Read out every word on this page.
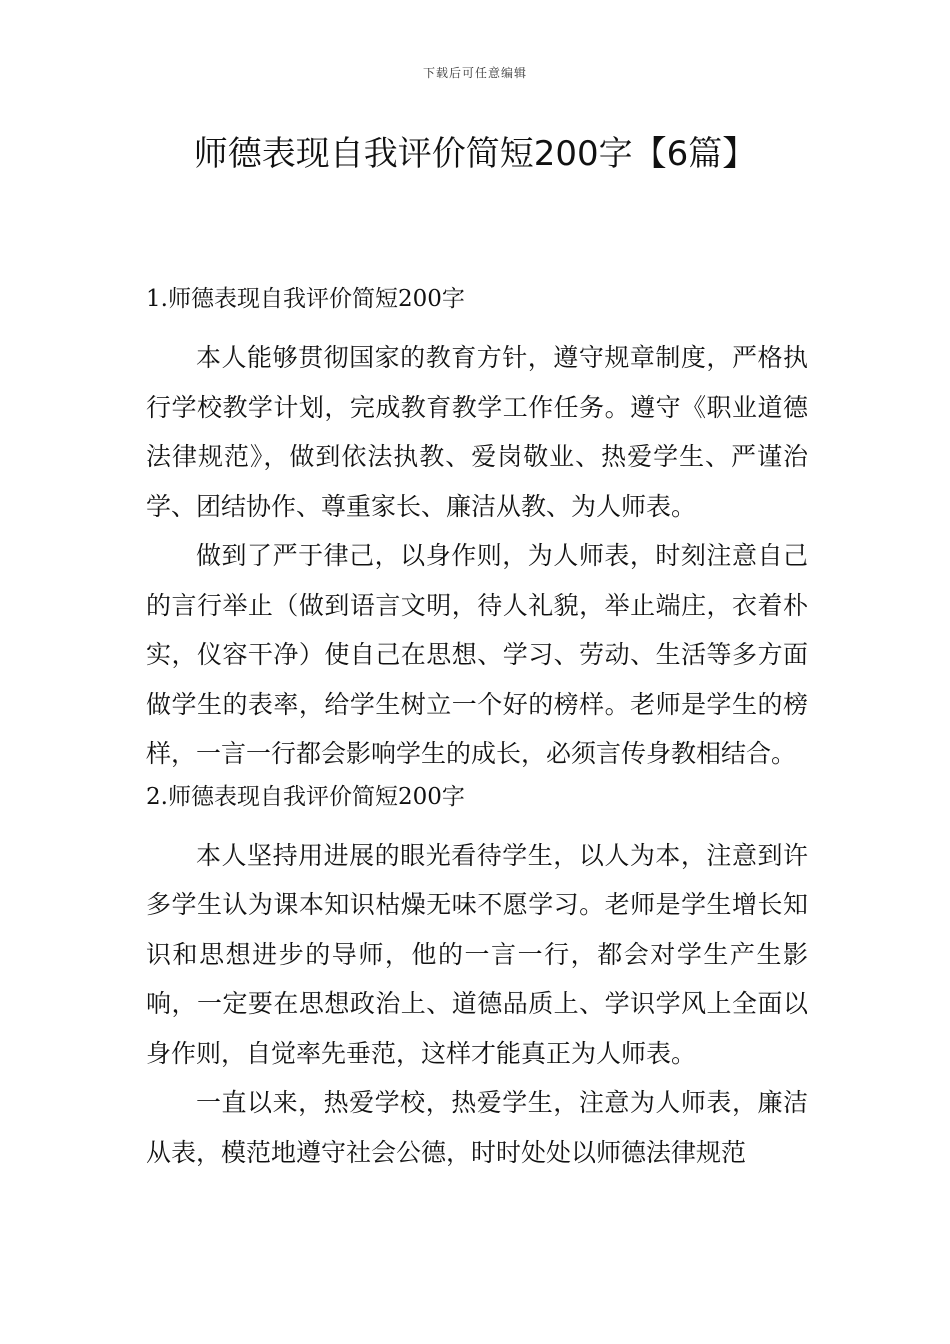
下载后可任意编辑
师德表现自我评价简短200字【6篇】
1.师德表现自我评价简短200字

本人能够贯彻国家的教育方针，遵守规章制度，严格执行学校教学计划，完成教育教学工作任务。遵守《职业道德法律规范》，做到依法执教、爱岗敬业、热爱学生、严谨治学、团结协作、尊重家长、廉洁从教、为人师表。

做到了严于律己，以身作则，为人师表，时刻注意自己的言行举止（做到语言文明，待人礼貌，举止端庄，衣着朴实，仪容干净）使自己在思想、学习、劳动、生活等多方面做学生的表率，给学生树立一个好的榜样。老师是学生的榜样，一言一行都会影响学生的成长，必须言传身教相结合。

2.师德表现自我评价简短200字

本人坚持用进展的眼光看待学生，以人为本，注意到许多学生认为课本知识枯燥无味不愿学习。老师是学生增长知识和思想进步的导师，他的一言一行，都会对学生产生影响，一定要在思想政治上、道德品质上、学识学风上全面以身作则，自觉率先垂范，这样才能真正为人师表。

一直以来，热爱学校，热爱学生，注意为人师表，廉洁从表，模范地遵守社会公德，时时处处以师德法律规范
